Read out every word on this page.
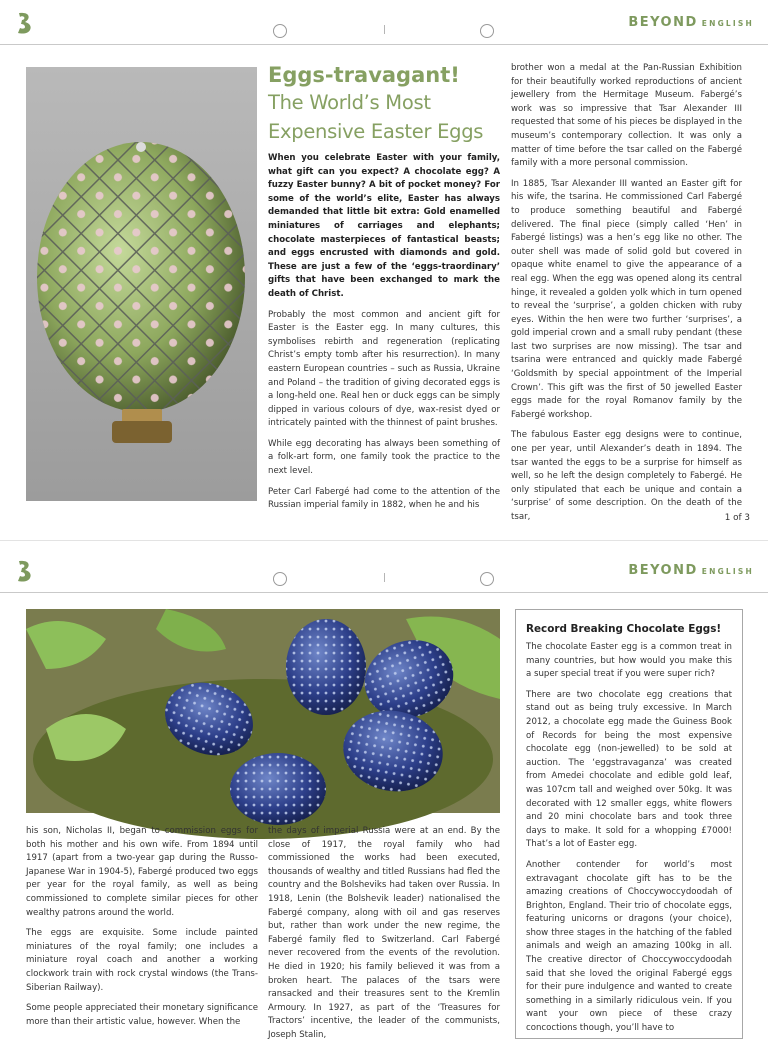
BEYOND ENGLISH
Eggs-travagant!
The World’s Most
Expensive Easter Eggs

When you celebrate Easter with your family, what gift can you expect? A chocolate egg? A fuzzy Easter bunny? A bit of pocket money? For some of the world’s elite, Easter has always demanded that little bit extra: Gold enamelled miniatures of carriages and elephants; chocolate masterpieces of fantastical beasts; and eggs encrusted with diamonds and gold. These are just a few of the ‘eggs-traordinary’ gifts that have been exchanged to mark the death of Christ.

Probably the most common and ancient gift for Easter is the Easter egg. In many cultures, this symbolises rebirth and regeneration (replicating Christ’s empty tomb after his resurrection). In many eastern European countries – such as Russia, Ukraine and Poland – the tradition of giving decorated eggs is a long-held one. Real hen or duck eggs can be simply dipped in various colours of dye, wax-resist dyed or intricately painted with the thinnest of paint brushes.

While egg decorating has always been something of a folk-art form, one family took the practice to the next level.

Peter Carl Fabergé had come to the attention of the Russian imperial family in 1882, when he and his

brother won a medal at the Pan-Russian Exhibition for their beautifully worked reproductions of ancient jewellery from the Hermitage Museum. Fabergé’s work was so impressive that Tsar Alexander III requested that some of his pieces be displayed in the museum’s contemporary collection. It was only a matter of time before the tsar called on the Fabergé family with a more personal commission.

In 1885, Tsar Alexander III wanted an Easter gift for his wife, the tsarina. He commissioned Carl Fabergé to produce something beautiful and Fabergé delivered. The final piece (simply called ‘Hen’ in Fabergé listings) was a hen’s egg like no other. The outer shell was made of solid gold but covered in opaque white enamel to give the appearance of a real egg. When the egg was opened along its central hinge, it revealed a golden yolk which in turn opened to reveal the ‘surprise’, a golden chicken with ruby eyes. Within the hen were two further ‘surprises’, a gold imperial crown and a small ruby pendant (these last two surprises are now missing). The tsar and tsarina were entranced and quickly made Fabergé ‘Goldsmith by special appointment of the Imperial Crown’. This gift was the first of 50 jewelled Easter eggs made for the royal Romanov family by the Fabergé workshop.

The fabulous Easter egg designs were to continue, one per year, until Alexander’s death in 1894. The tsar wanted the eggs to be a surprise for himself as well, so he left the design completely to Fabergé. He only stipulated that each be unique and contain a ‘surprise’ of some description. On the death of the tsar,	1 of 3
BEYOND ENGLISH

his son, Nicholas II, began to commission eggs for both his mother and his own wife. From 1894 until 1917 (apart from a two-year gap during the Russo-Japanese War in 1904-5), Fabergé produced two eggs per year for the royal family, as well as being commissioned to complete similar pieces for other wealthy patrons around the world.

The eggs are exquisite. Some include painted miniatures of the royal family; one includes a miniature royal coach and another a working clockwork train with rock crystal windows (the Trans-Siberian Railway).

Some people appreciated their monetary significance more than their artistic value, however. When the

the days of imperial Russia were at an end. By the close of 1917, the royal family who had commissioned the works had been executed, thousands of wealthy and titled Russians had fled the country and the Bolsheviks had taken over Russia. In 1918, Lenin (the Bolshevik leader) nationalised the Fabergé company, along with oil and gas reserves but, rather than work under the new regime, the Fabergé family fled to Switzerland. Carl Fabergé never recovered from the events of the revolution. He died in 1920; his family believed it was from a broken heart. The palaces of the tsars were ransacked and their treasures sent to the Kremlin Armoury. In 1927, as part of the ‘Treasures for Tractors’ incentive, the leader of the communists, Joseph Stalin,

Record Breaking Chocolate Eggs!

The chocolate Easter egg is a common treat in many countries, but how would you make this a super special treat if you were super rich?

There are two chocolate egg creations that stand out as being truly excessive. In March 2012, a chocolate egg made the Guiness Book of Records for being the most expensive chocolate egg (non-jewelled) to be sold at auction. The ‘eggstravaganza’ was created from Amedei chocolate and edible gold leaf, was 107cm tall and weighed over 50kg. It was decorated with 12 smaller eggs, white flowers and 20 mini chocolate bars and took three days to make. It sold for a whopping £7000! That’s a lot of Easter egg.

Another contender for world’s most extravagant chocolate gift has to be the amazing creations of Choccywoccydoodah of Brighton, England. Their trio of chocolate eggs, featuring unicorns or dragons (your choice), show three stages in the hatching of the fabled animals and weigh an amazing 100kg in all. The creative director of Choccywoccydoodah said that she loved the original Fabergé eggs for their pure indulgence and wanted to create something in a similarly ridiculous vein. If you want your own piece of these crazy concoctions though, you’ll have to
